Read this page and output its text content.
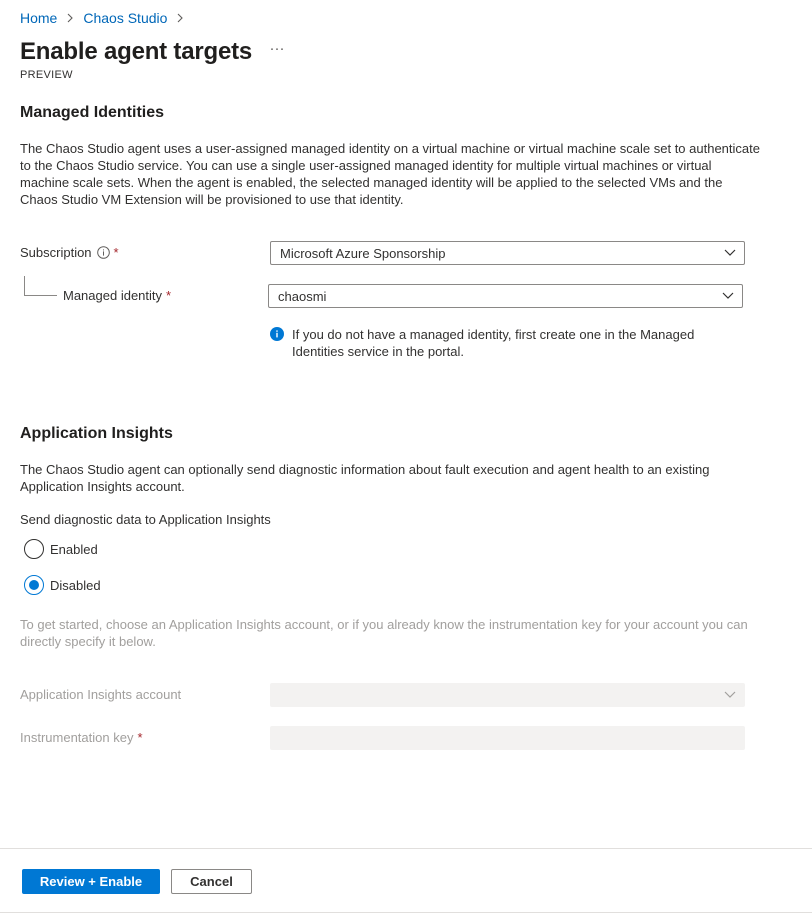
Home Chaos Studio
Enable agent targets ···
PREVIEW
Managed Identities

The Chaos Studio agent uses a user-assigned managed identity on a virtual machine or virtual machine scale set to authenticate to the Chaos Studio service. You can use a single user-assigned managed identity for multiple virtual machines or virtual machine scale sets. When the agent is enabled, the selected managed identity will be applied to the selected VMs and the Chaos Studio VM Extension will be provisioned to use that identity.

Subscription *	Microsoft Azure Sponsorship
Managed identity *	chaosmi

If you do not have a managed identity, first create one in the Managed Identities service in the portal.

Application Insights

The Chaos Studio agent can optionally send diagnostic information about fault execution and agent health to an existing Application Insights account.

Send diagnostic data to Application Insights

Enabled
Disabled

To get started, choose an Application Insights account, or if you already know the instrumentation key for your account you can directly specify it below.

Application Insights account
Instrumentation key *
Review + Enable	Cancel
